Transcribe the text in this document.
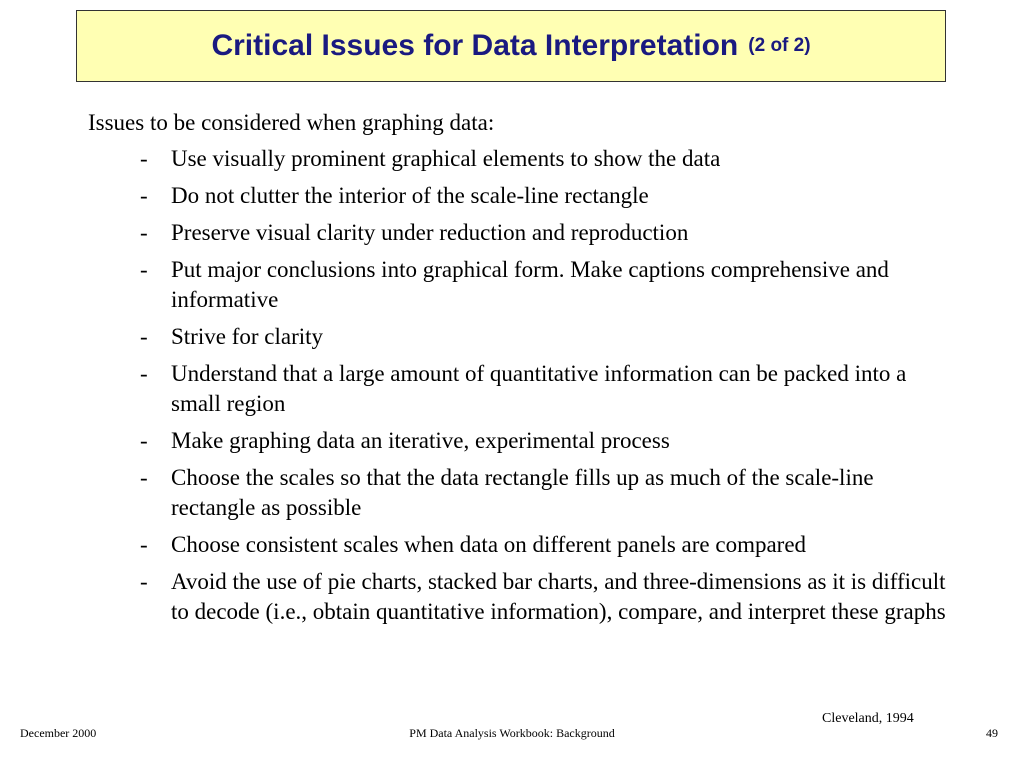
Critical Issues for Data Interpretation (2 of 2)

Issues to be considered when graphing data:

- Use visually prominent graphical elements to show the data
- Do not clutter the interior of the scale-line rectangle
- Preserve visual clarity under reduction and reproduction
- Put major conclusions into graphical form. Make captions comprehensive and informative
- Strive for clarity
- Understand that a large amount of quantitative information can be packed into a small region
- Make graphing data an iterative, experimental process
- Choose the scales so that the data rectangle fills up as much of the scale-line rectangle as possible
- Choose consistent scales when data on different panels are compared
- Avoid the use of pie charts, stacked bar charts, and three-dimensions as it is difficult to decode (i.e., obtain quantitative information), compare, and interpret these graphs
Cleveland, 1994
December 2000	PM Data Analysis Workbook: Background	49
